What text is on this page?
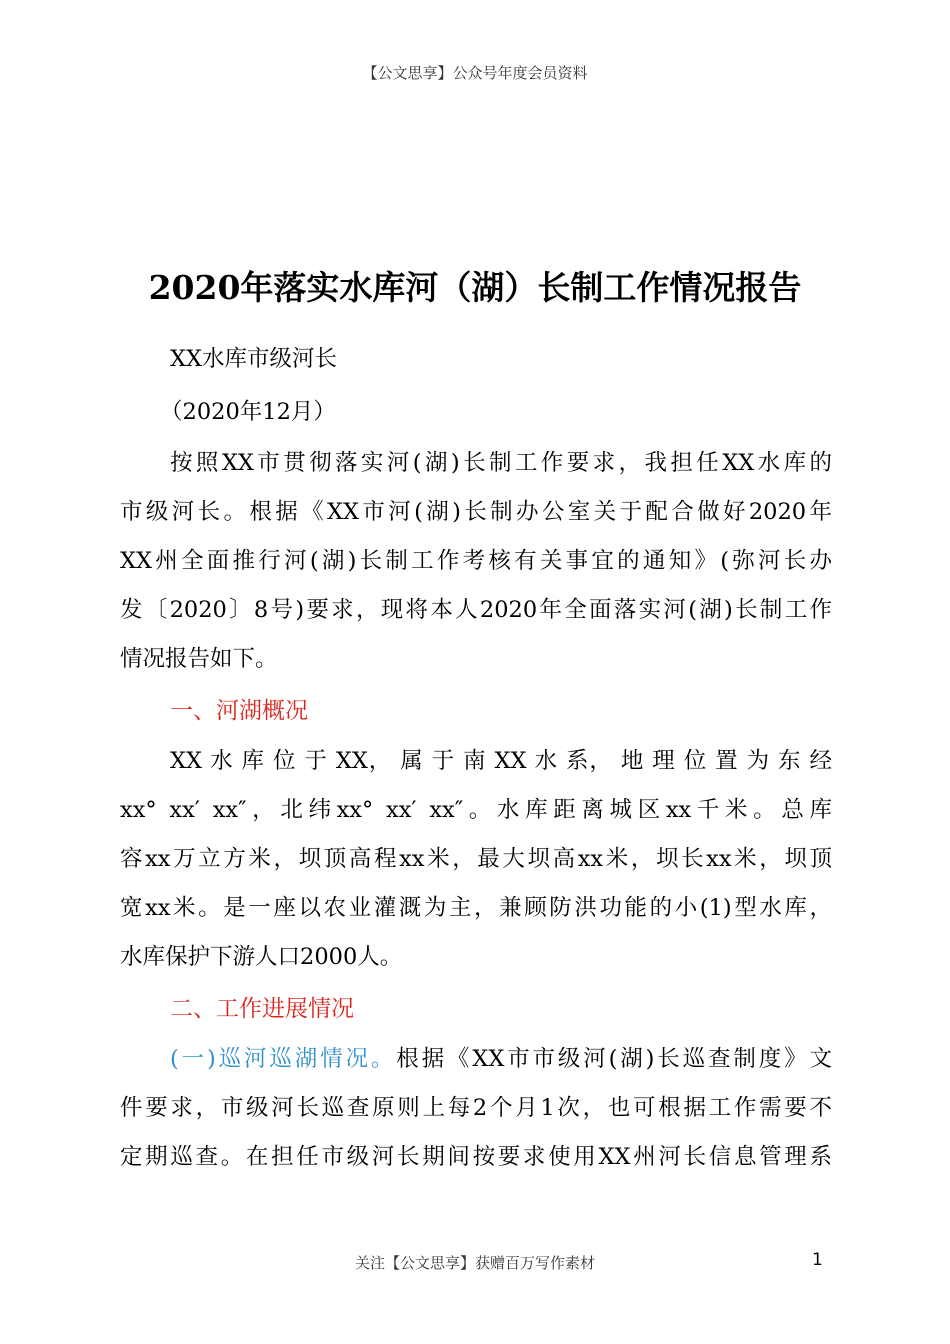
【公文思享】公众号年度会员资料
2020年落实水库河（湖）长制工作情况报告
XX水库市级河长
（2020年12月）
按照XX市贯彻落实河(湖)长制工作要求，我担任XX水库的
市级河长。根据《XX市河(湖)长制办公室关于配合做好2020年
XX州全面推行河(湖)长制工作考核有关事宜的通知》(弥河长办
发〔2020〕8号)要求，现将本人2020年全面落实河(湖)长制工作
情况报告如下。
一、河湖概况
XX 水 库 位 于 XX， 属 于 南 XX 水 系， 地 理 位 置 为 东 经
xx° xx′ xx″，北纬xx° xx′ xx″。水库距离城区xx千米。总库
容xx万立方米，坝顶高程xx米，最大坝高xx米，坝长xx米，坝顶
宽xx米。是一座以农业灌溉为主，兼顾防洪功能的小(1)型水库，
水库保护下游人口2000人。
二、工作进展情况
(一)巡河巡湖情况。根据《XX市市级河(湖)长巡查制度》文
件要求，市级河长巡查原则上每2个月1次，也可根据工作需要不
定期巡查。在担任市级河长期间按要求使用XX州河长信息管理系
关注【公文思享】获赠百万写作素材	1
